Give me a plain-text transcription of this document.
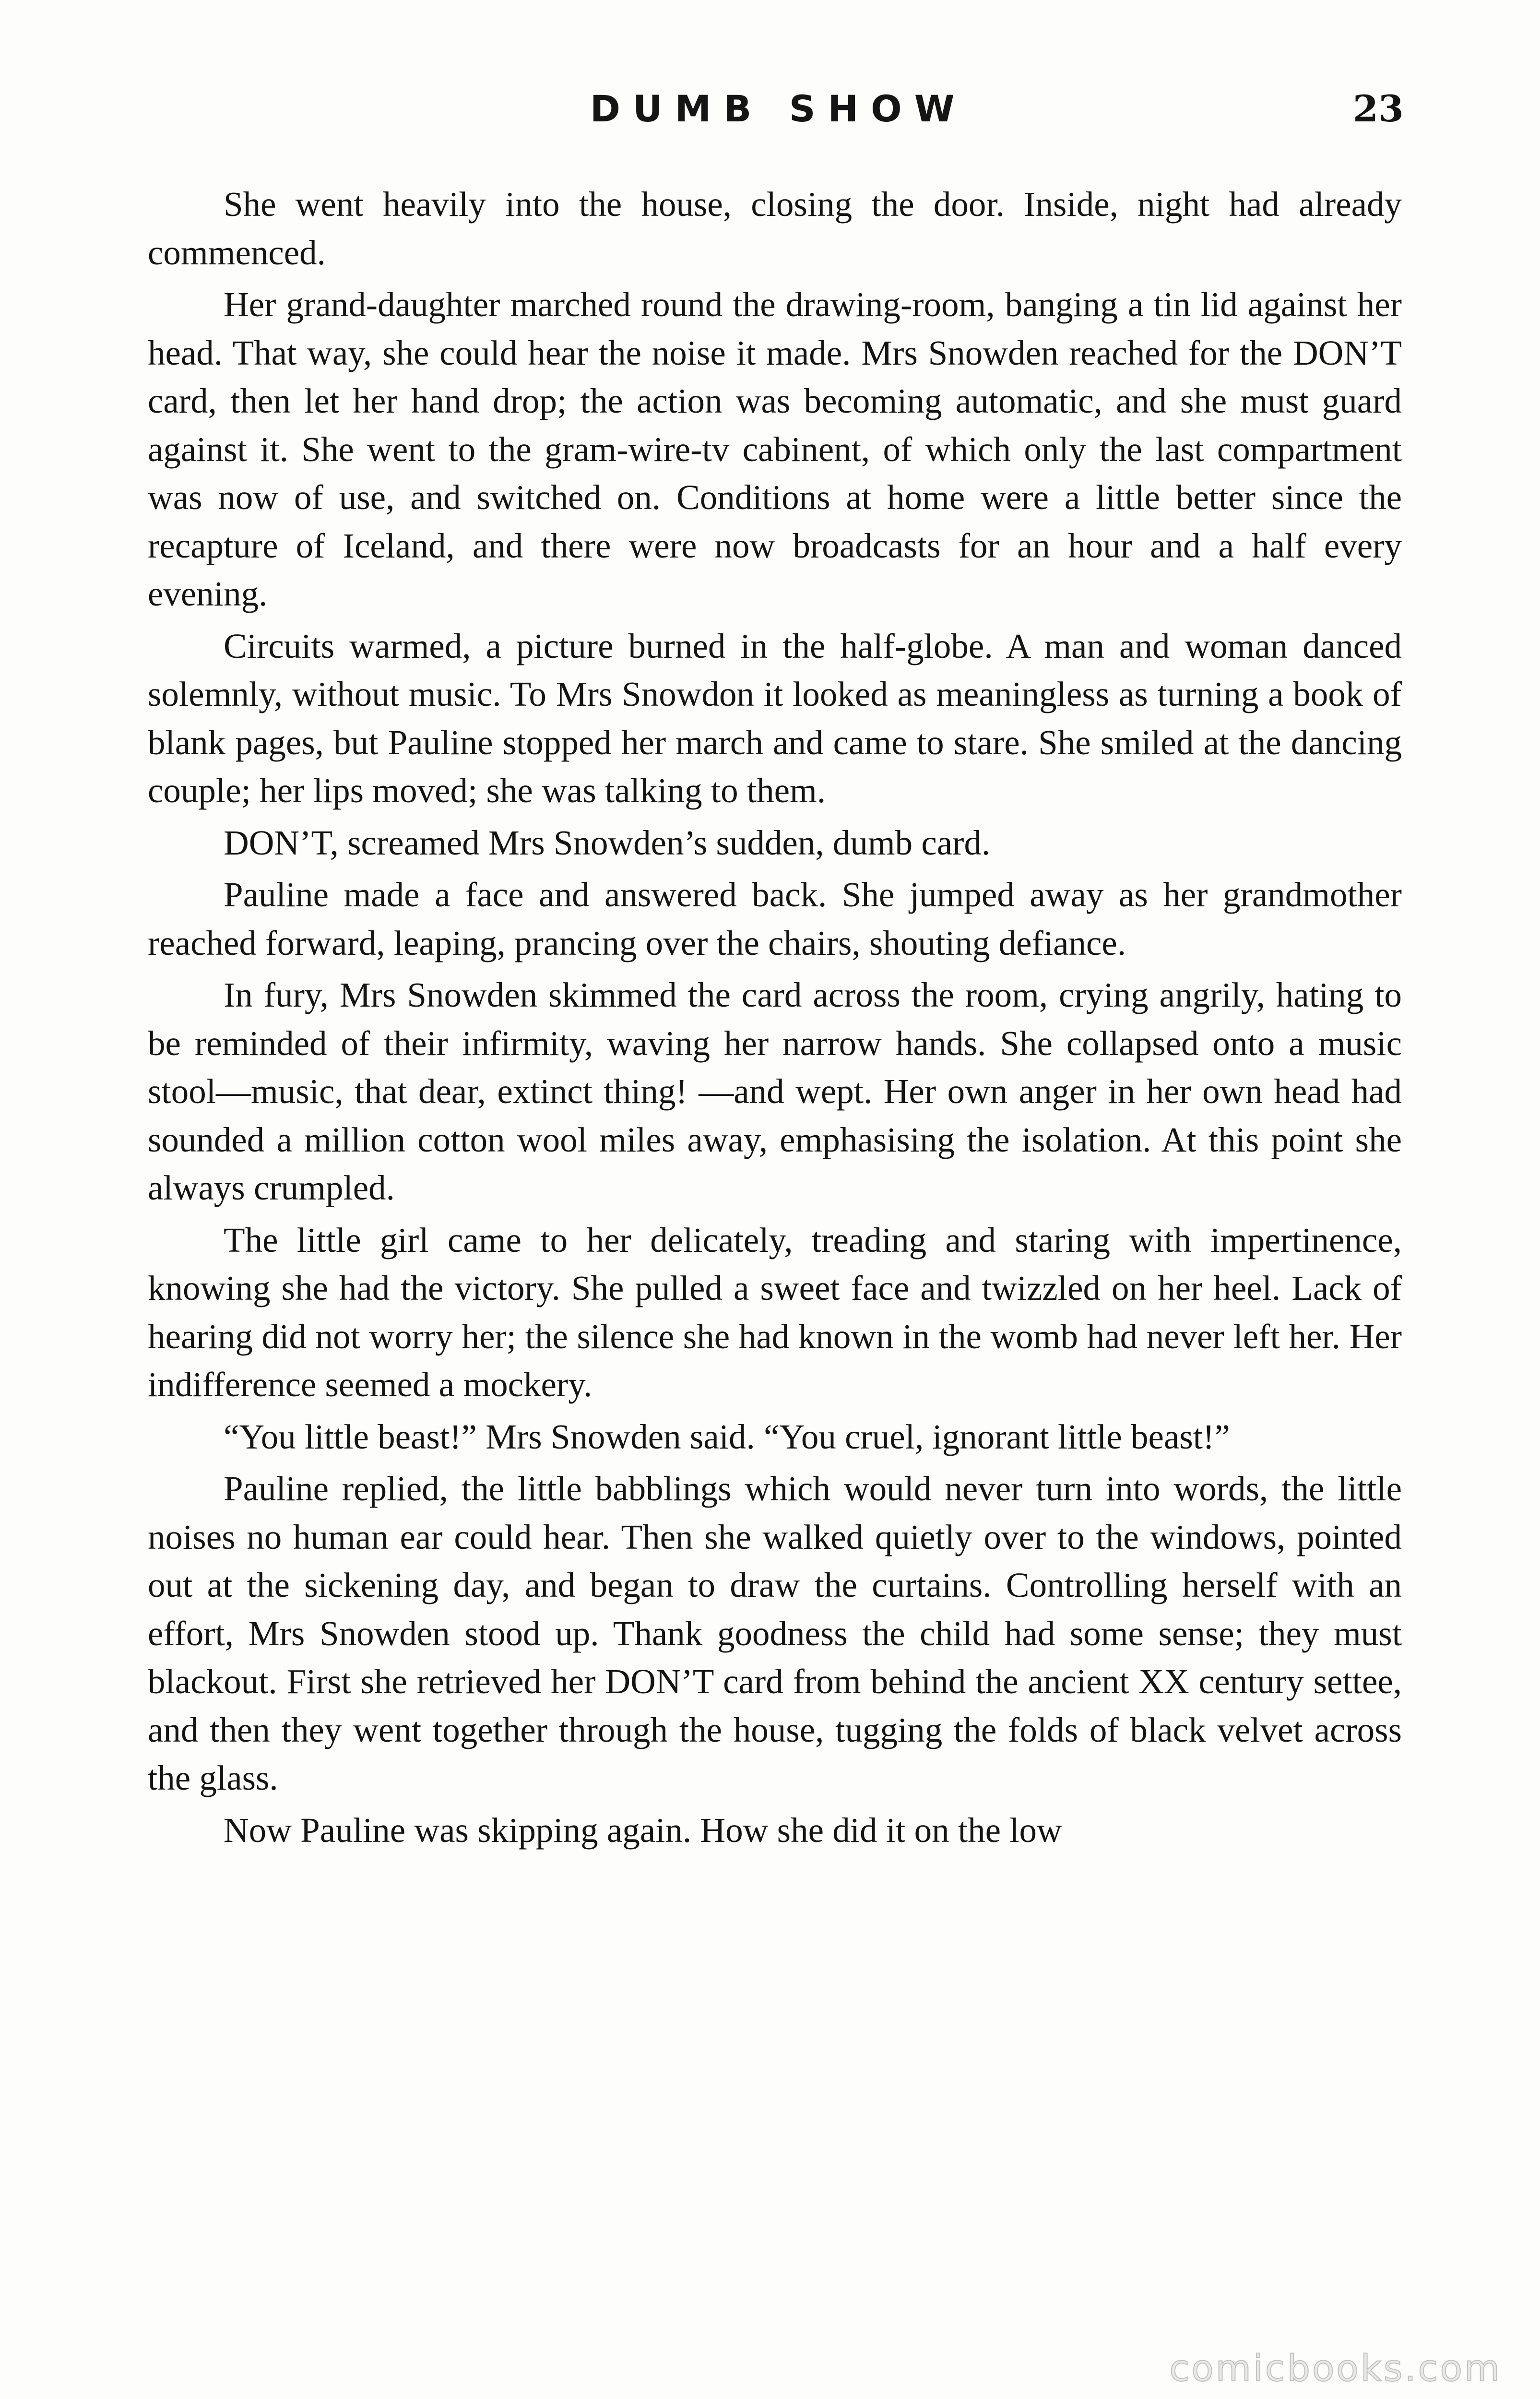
DUMB SHOW	23

She went heavily into the house, closing the door. Inside, night had already commenced.

Her grand-daughter marched round the drawing-room, banging a tin lid against her head. That way, she could hear the noise it made. Mrs Snowden reached for the DON’T card, then let her hand drop; the action was becoming automatic, and she must guard against it. She went to the gram-wire-tv cabinent, of which only the last compartment was now of use, and switched on. Conditions at home were a little better since the recapture of Iceland, and there were now broadcasts for an hour and a half every evening.

Circuits warmed, a picture burned in the half-globe. A man and woman danced solemnly, without music. To Mrs Snowdon it looked as meaningless as turning a book of blank pages, but Pauline stopped her march and came to stare. She smiled at the dancing couple; her lips moved; she was talking to them.

DON’T, screamed Mrs Snowden’s sudden, dumb card.

Pauline made a face and answered back. She jumped away as her grandmother reached forward, leaping, prancing over the chairs, shouting defiance.

In fury, Mrs Snowden skimmed the card across the room, crying angrily, hating to be reminded of their infirmity, waving her narrow hands. She collapsed onto a music stool—music, that dear, extinct thing! —and wept. Her own anger in her own head had sounded a million cotton wool miles away, emphasising the isolation. At this point she always crumpled.

The little girl came to her delicately, treading and staring with impertinence, knowing she had the victory. She pulled a sweet face and twizzled on her heel. Lack of hearing did not worry her; the silence she had known in the womb had never left her. Her indifference seemed a mockery.

“You little beast!” Mrs Snowden said. “You cruel, ignorant little beast!”

Pauline replied, the little babblings which would never turn into words, the little noises no human ear could hear. Then she walked quietly over to the windows, pointed out at the sickening day, and began to draw the curtains. Controlling herself with an effort, Mrs Snowden stood up. Thank goodness the child had some sense; they must blackout. First she retrieved her DON’T card from behind the ancient XX century settee, and then they went together through the house, tugging the folds of black velvet across the glass.

Now Pauline was skipping again. How she did it on the low

comicbooks.com
